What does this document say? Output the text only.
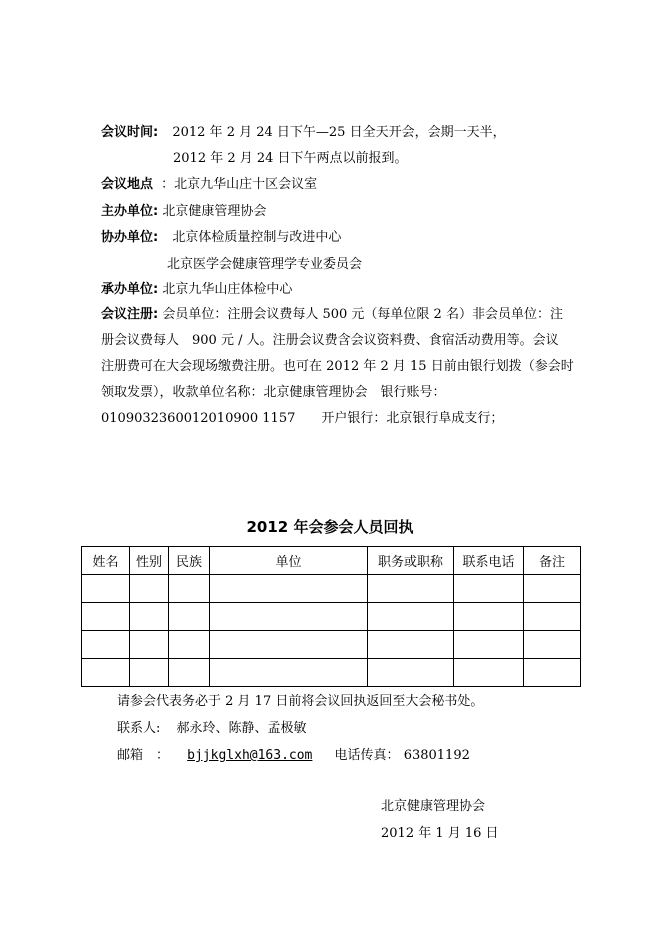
会议时间: 2012 年 2 月 24 日下午—25 日全天开会，会期一天半，
2012 年 2 月 24 日下午两点以前报到。
会议地点 ：北京九华山庄十区会议室
主办单位: 北京健康管理协会
协办单位: 北京体检质量控制与改进中心
北京医学会健康管理学专业委员会
承办单位: 北京九华山庄体检中心
会议注册: 会员单位：注册会议费每人 500 元（每单位限 2 名）非会员单位：注
册会议费每人　900 元 / 人。注册会议费含会议资料费、食宿活动费用等。会议
注册费可在大会现场缴费注册。也可在 2012 年 2 月 15 日前由银行划拨（参会时
领取发票），收款单位名称：北京健康管理协会　银行账号：
0109032360012010900 1157　　开户银行：北京银行阜成支行；
2012 年会参会人员回执
姓名	性别	民族	单位	职务或职称	联系电话	备注

请参会代表务必于 2 月 17 日前将会议回执返回至大会秘书处。
联系人: 郝永玲、陈静、孟极敏
邮箱　： bjjkglxh@163.com 电话传真： 63801192
北京健康管理协会
2012 年 1 月 16 日
